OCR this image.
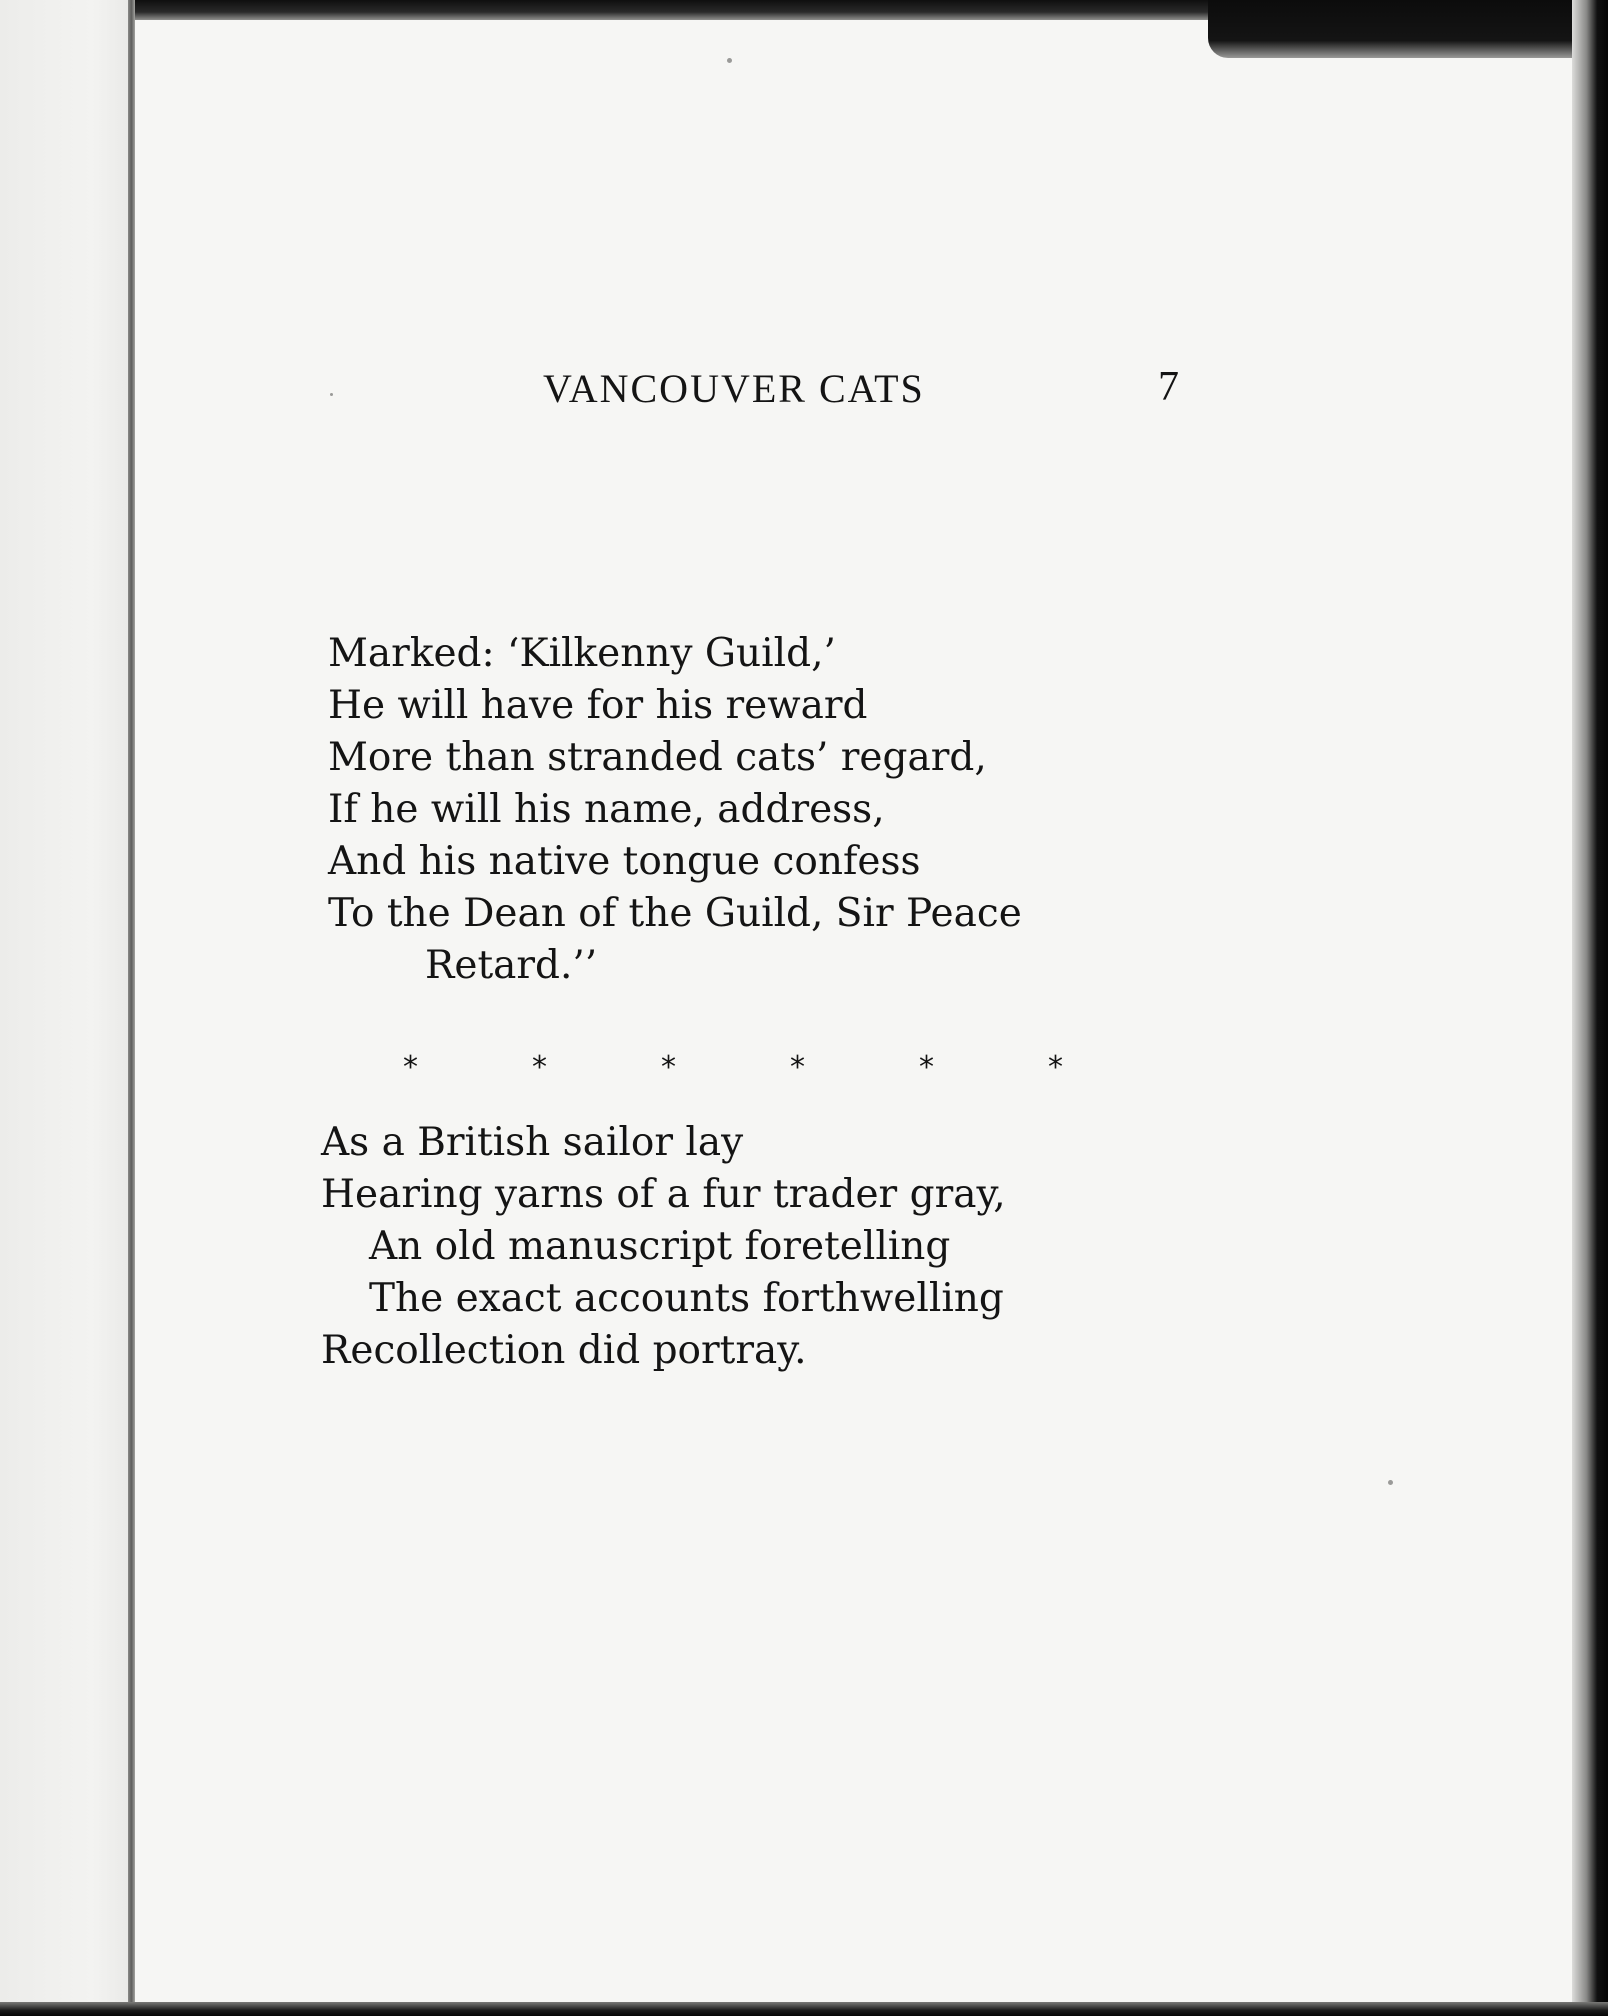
VANCOUVER CATS	7
Marked: ‘Kilkenny Guild,’
He will have for his reward
More than stranded cats’ regard,
If he will his name, address,
And his native tongue confess
To the Dean of the Guild, Sir Peace
Retard.’’
*	*	*	*	*	*
As a British sailor lay
Hearing yarns of a fur trader gray,
An old manuscript foretelling
The exact accounts forthwelling
Recollection did portray.
